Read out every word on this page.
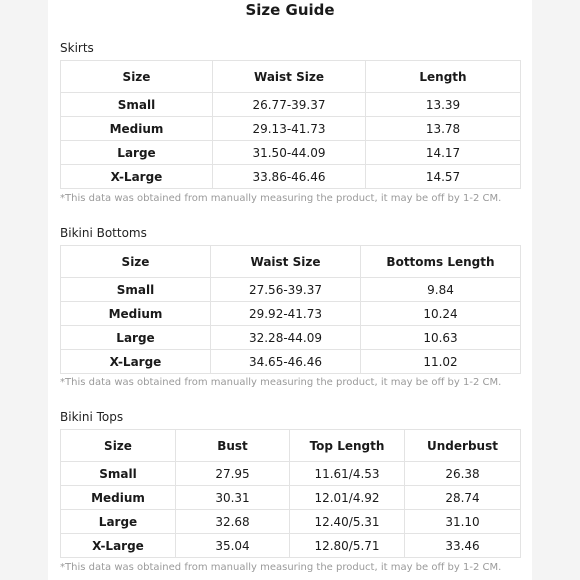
Size Guide
Skirts
Size	Waist Size	Length
Small	26.77-39.37	13.39
Medium	29.13-41.73	13.78
Large	31.50-44.09	14.17
X-Large	33.86-46.46	14.57
*This data was obtained from manually measuring the product, it may be off by 1-2 CM.
Bikini Bottoms
Size	Waist Size	Bottoms Length
Small	27.56-39.37	9.84
Medium	29.92-41.73	10.24
Large	32.28-44.09	10.63
X-Large	34.65-46.46	11.02
*This data was obtained from manually measuring the product, it may be off by 1-2 CM.
Bikini Tops
Size	Bust	Top Length	Underbust
Small	27.95	11.61/4.53	26.38
Medium	30.31	12.01/4.92	28.74
Large	32.68	12.40/5.31	31.10
X-Large	35.04	12.80/5.71	33.46
*This data was obtained from manually measuring the product, it may be off by 1-2 CM.
